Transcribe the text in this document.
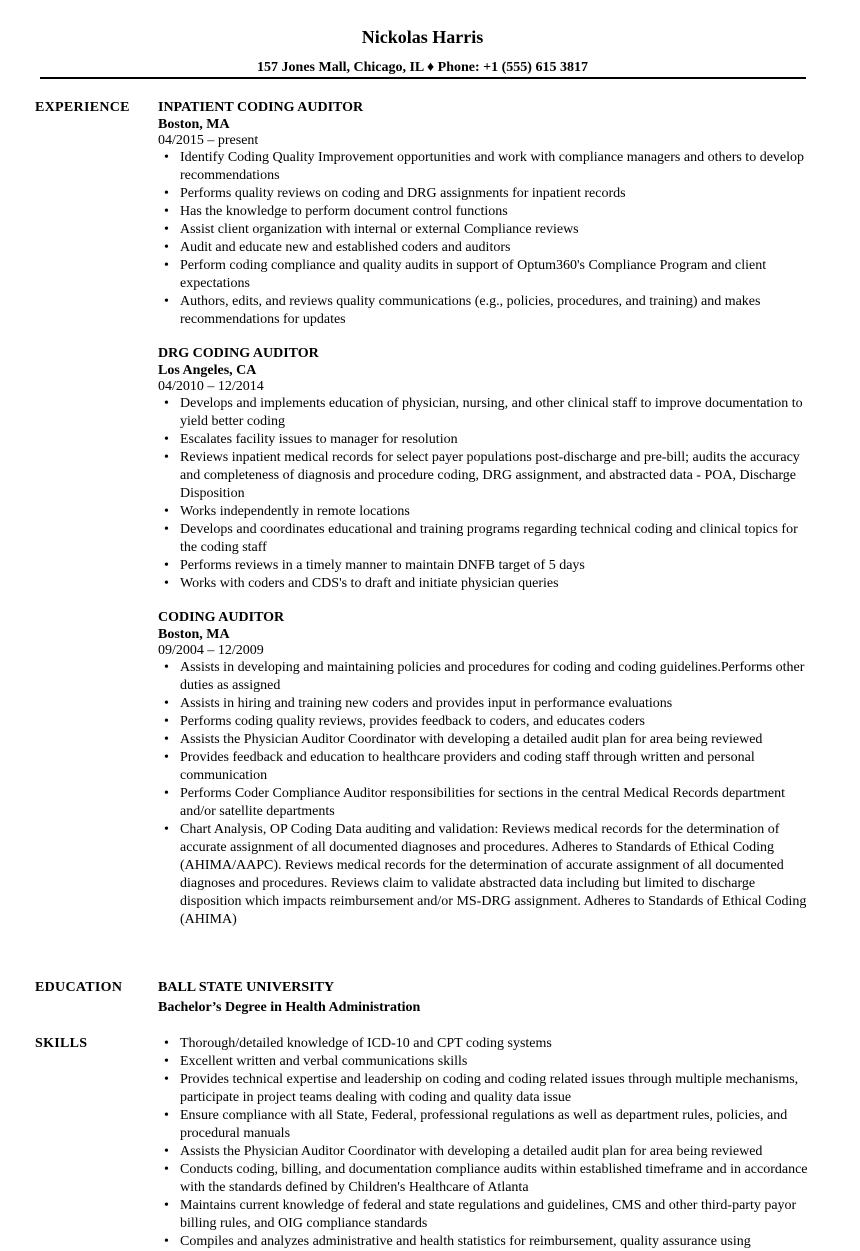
Nickolas Harris
157 Jones Mall, Chicago, IL ♦ Phone: +1 (555) 615 3817
EXPERIENCE INPATIENT CODING AUDITOR
Boston, MA
04/2015 – present
• Identify Coding Quality Improvement opportunities and work with compliance managers and others to develop recommendations
• Performs quality reviews on coding and DRG assignments for inpatient records
• Has the knowledge to perform document control functions
• Assist client organization with internal or external Compliance reviews
• Audit and educate new and established coders and auditors
• Perform coding compliance and quality audits in support of Optum360's Compliance Program and client expectations
• Authors, edits, and reviews quality communications (e.g., policies, procedures, and training) and makes recommendations for updates
DRG CODING AUDITOR
Los Angeles, CA
04/2010 – 12/2014
• Develops and implements education of physician, nursing, and other clinical staff to improve documentation to yield better coding
• Escalates facility issues to manager for resolution
• Reviews inpatient medical records for select payer populations post-discharge and pre-bill; audits the accuracy and completeness of diagnosis and procedure coding, DRG assignment, and abstracted data - POA, Discharge Disposition
• Works independently in remote locations
• Develops and coordinates educational and training programs regarding technical coding and clinical topics for the coding staff
• Performs reviews in a timely manner to maintain DNFB target of 5 days
• Works with coders and CDS's to draft and initiate physician queries
CODING AUDITOR
Boston, MA
09/2004 – 12/2009
• Assists in developing and maintaining policies and procedures for coding and coding guidelines.Performs other duties as assigned
• Assists in hiring and training new coders and provides input in performance evaluations
• Performs coding quality reviews, provides feedback to coders, and educates coders
• Assists the Physician Auditor Coordinator with developing a detailed audit plan for area being reviewed
• Provides feedback and education to healthcare providers and coding staff through written and personal communication
• Performs Coder Compliance Auditor responsibilities for sections in the central Medical Records department and/or satellite departments
• Chart Analysis, OP Coding Data auditing and validation: Reviews medical records for the determination of accurate assignment of all documented diagnoses and procedures. Adheres to Standards of Ethical Coding (AHIMA/AAPC). Reviews medical records for the determination of accurate assignment of all documented diagnoses and procedures. Reviews claim to validate abstracted data including but limited to discharge disposition which impacts reimbursement and/or MS-DRG assignment. Adheres to Standards of Ethical Coding (AHIMA)
EDUCATION	BALL STATE UNIVERSITY
Bachelor’s Degree in Health Administration
SKILLS	• Thorough/detailed knowledge of ICD-10 and CPT coding systems
• Excellent written and verbal communications skills
• Provides technical expertise and leadership on coding and coding related issues through multiple mechanisms, participate in project teams dealing with coding and quality data issue
• Ensure compliance with all State, Federal, professional regulations as well as department rules, policies, and procedural manuals
• Assists the Physician Auditor Coordinator with developing a detailed audit plan for area being reviewed
• Conducts coding, billing, and documentation compliance audits within established timeframe and in accordance with the standards defined by Children's Healthcare of Atlanta
• Maintains current knowledge of federal and state regulations and guidelines, CMS and other third-party payor billing rules, and OIG compliance standards
• Compiles and analyzes administrative and health statistics for reimbursement, quality assurance using
